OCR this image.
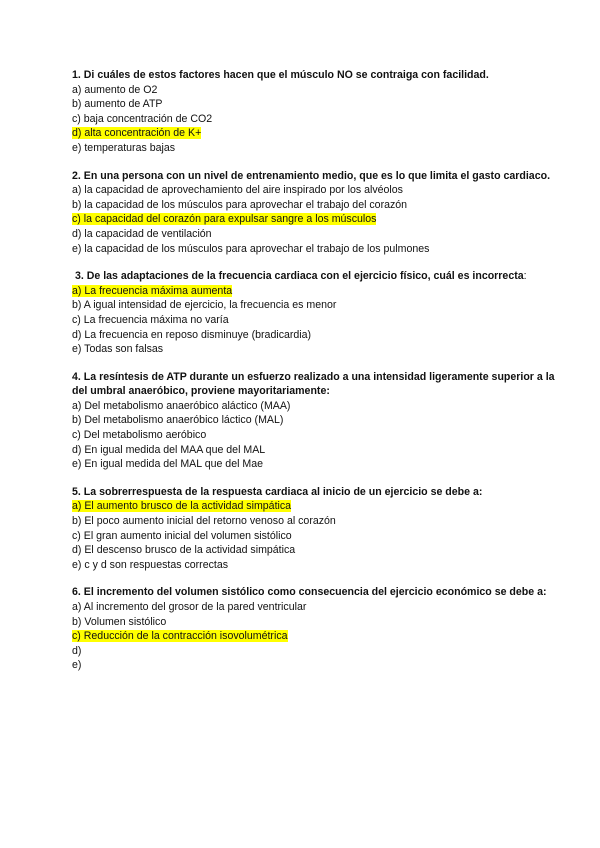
1. Di cuáles de estos factores hacen que el músculo NO se contraiga con facilidad.

a) aumento de O2

b) aumento de ATP

c) baja concentración de CO2

d) alta concentración de K+

e) temperaturas bajas

2. En una persona con un nivel de entrenamiento medio, que es lo que limita el gasto cardiaco.

a) la capacidad de aprovechamiento del aire inspirado por los alvéolos

b) la capacidad de los músculos para aprovechar el trabajo del corazón

c) la capacidad del corazón para expulsar sangre a los músculos

d) la capacidad de ventilación

e) la capacidad de los músculos para aprovechar el trabajo de los pulmones

3. De las adaptaciones de la frecuencia cardiaca con el ejercicio físico, cuál es incorrecta:

a) La frecuencia máxima aumenta

b) A igual intensidad de ejercicio, la frecuencia es menor

c) La frecuencia máxima no varía

d) La frecuencia en reposo disminuye (bradicardia)

e) Todas son falsas

4. La resíntesis de ATP durante un esfuerzo realizado a una intensidad ligeramente superior a la del umbral anaeróbico, proviene mayoritariamente:

a) Del metabolismo anaeróbico aláctico (MAA)

b) Del metabolismo anaeróbico láctico (MAL)

c) Del metabolismo aeróbico

d) En igual medida del MAA que del MAL

e) En igual medida del MAL que del Mae

5. La sobrerrespuesta de la respuesta cardiaca al inicio de un ejercicio se debe a:

a) El aumento brusco de la actividad simpática

b) El poco aumento inicial del retorno venoso al corazón

c) El gran aumento inicial del volumen sistólico

d) El descenso brusco de la actividad simpática

e) c y d son respuestas correctas

6. El incremento del volumen sistólico como consecuencia del ejercicio económico se debe a:

a) Al incremento del grosor de la pared ventricular

b) Volumen sistólico

c) Reducción de la contracción isovolumétrica

d)

e)
